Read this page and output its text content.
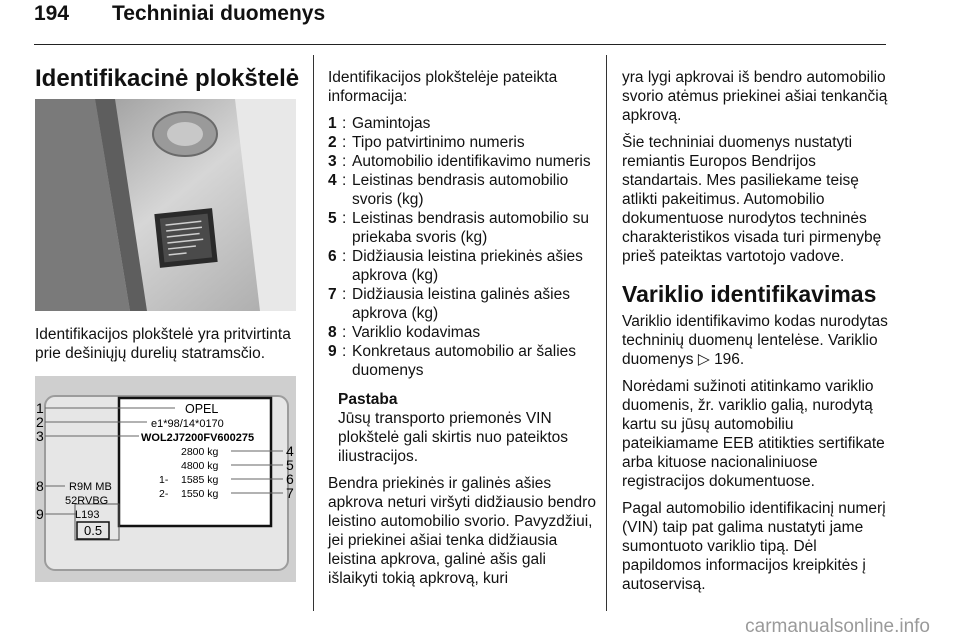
194 Techniniai duomenys
Identifikacinė plokštelė

Identifikacijos plokštelė yra pritvirtinta prie dešiniųjų durelių statramsčio.

1
2
3
4
5
6
7
8
9
OPEL
e1*98/14*0170
WOL2J7200FV600275
2800 kg
4800 kg
1- 1585 kg
2- 1550 kg
R9M MB
52RVBG
L193
0.5

Identifikacijos plokštelėje pateikta informacija:

1 : Gamintojas
2 : Tipo patvirtinimo numeris
3 : Automobilio identifikavimo numeris
4 : Leistinas bendrasis automobilio svoris (kg)
5 : Leistinas bendrasis automobilio su priekaba svoris (kg)
6 : Didžiausia leistina priekinės ašies apkrova (kg)
7 : Didžiausia leistina galinės ašies apkrova (kg)
8 : Variklio kodavimas
9 : Konkretaus automobilio ar šalies duomenys
Pastaba
Jūsų transporto priemonės VIN plokštelė gali skirtis nuo pateiktos iliustracijos.

Bendra priekinės ir galinės ašies apkrova neturi viršyti didžiausio bendro leistino automobilio svorio. Pavyzdžiui, jei priekinei ašiai tenka didžiausia leistina apkrova, galinė ašis gali išlaikyti tokią apkrovą, kuri

yra lygi apkrovai iš bendro automobilio svorio atėmus priekinei ašiai tenkančią apkrovą.

Šie techniniai duomenys nustatyti remiantis Europos Bendrijos standartais. Mes pasiliekame teisę atlikti pakeitimus. Automobilio dokumentuose nurodytos techninės charakteristikos visada turi pirmenybę prieš pateiktas vartotojo vadove.

Variklio identifikavimas

Variklio identifikavimo kodas nurodytas techninių duomenų lentelėse. Variklio duomenys ▷ 196.

Norėdami sužinoti atitinkamo variklio duomenis, žr. variklio galią, nurodytą kartu su jūsų automobiliu pateikiamame EEB atitikties sertifikate arba kituose nacionaliniuose registracijos dokumentuose.

Pagal automobilio identifikacinį numerį (VIN) taip pat galima nustatyti jame sumontuoto variklio tipą. Dėl papildomos informacijos kreipkitės į autoservisą.

carmanualsonline.info
